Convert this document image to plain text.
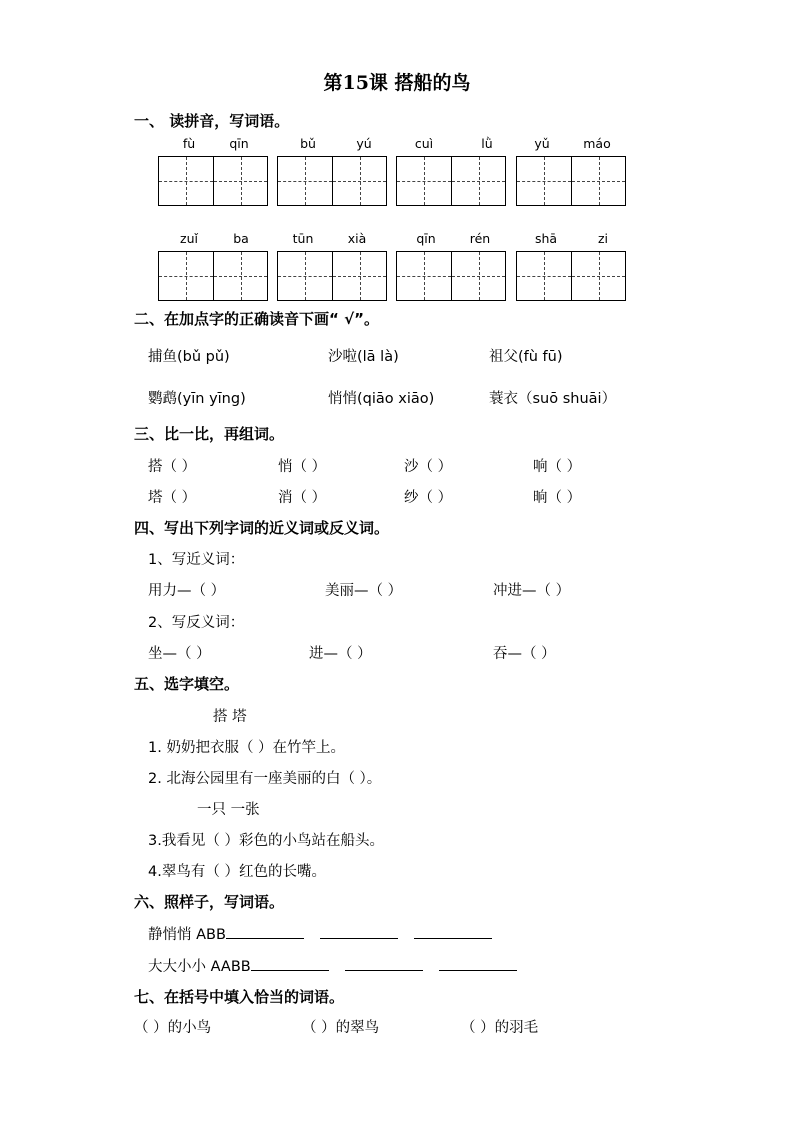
第15课 搭船的鸟
一、 读拼音，写词语。
fù	qīn	bǔ	yú	cuì	lǜ	yǔ	máo
zuǐ	ba	tūn	xià	qīn	rén	shā	zi
二、在加点字的正确读音下画“ √”。
捕鱼(bǔ pǔ)	沙啦(lā là)	祖父(fù fū)
鹦鹉(yīn yīng)	悄悄(qiāo xiāo)	蓑衣（suō shuāi）
三、比一比，再组词。
搭（ ）	悄（ ）	沙（ ）	响（ ）
塔（ ）	消（ ）	纱（ ）	晌（ ）
四、写出下列字词的近义词或反义词。
1、写近义词：
用力—（ ）	美丽—（ ）	冲进—（ ）
2、写反义词：
坐—（ ）	进—（ ）	吞—（ ）
五、选字填空。
搭 塔
1. 奶奶把衣服（ ）在竹竿上。
2. 北海公园里有一座美丽的白（ ）。
一只 一张
3.我看见（ ）彩色的小鸟站在船头。
4.翠鸟有（ ）红色的长嘴。
六、照样子，写词语。
静悄悄 ABB
大大小小 AABB
七、在括号中填入恰当的词语。
（ ）的小鸟	（ ）的翠鸟	（ ）的羽毛
